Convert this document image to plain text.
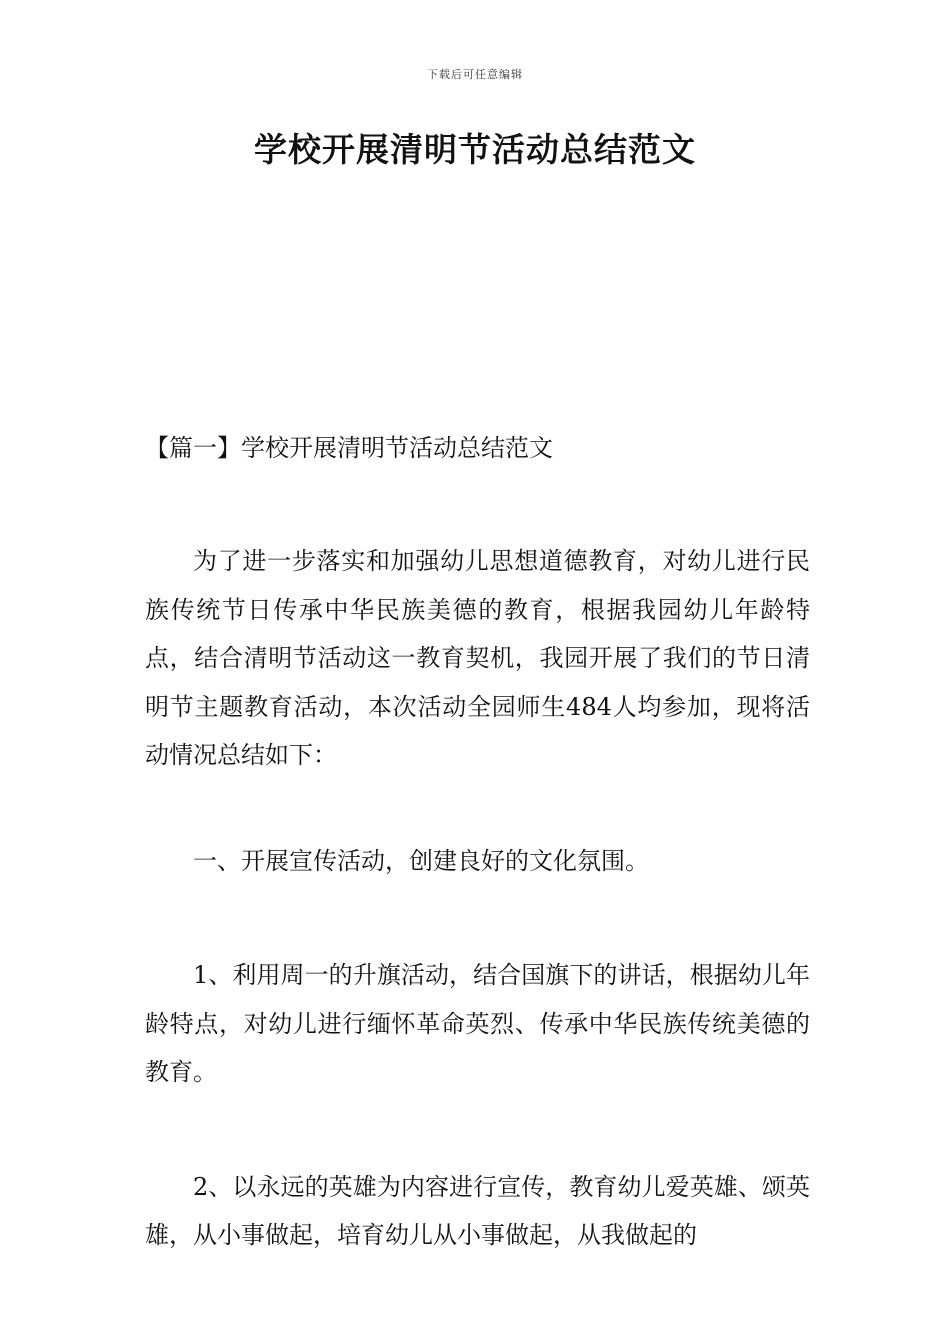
下载后可任意编辑
学校开展清明节活动总结范文

【篇一】学校开展清明节活动总结范文

为了进一步落实和加强幼儿思想道德教育，对幼儿进行民族传统节日传承中华民族美德的教育，根据我园幼儿年龄特点，结合清明节活动这一教育契机，我园开展了我们的节日清明节主题教育活动，本次活动全园师生484人均参加，现将活动情况总结如下：

一、开展宣传活动，创建良好的文化氛围。

1、利用周一的升旗活动，结合国旗下的讲话，根据幼儿年龄特点，对幼儿进行缅怀革命英烈、传承中华民族传统美德的教育。

2、以永远的英雄为内容进行宣传，教育幼儿爱英雄、颂英雄，从小事做起，培育幼儿从小事做起，从我做起的
